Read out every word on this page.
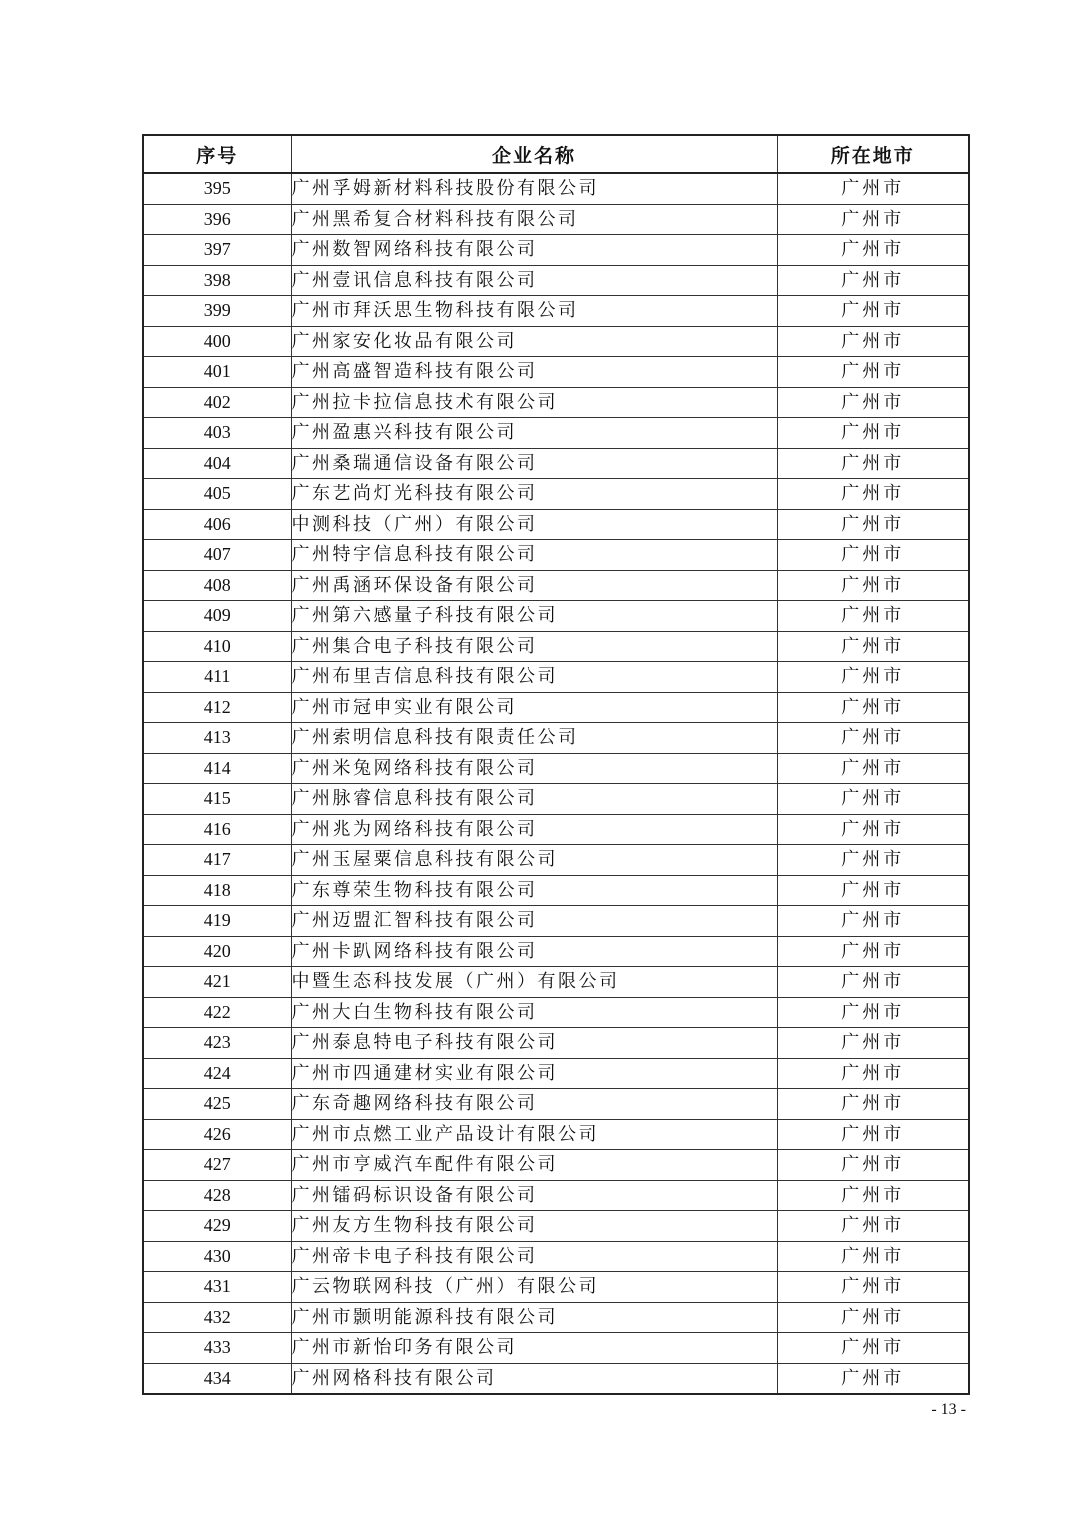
序号	企业名称	所在地市
395	广州孚姆新材料科技股份有限公司	广州市
396	广州黑希复合材料科技有限公司	广州市
397	广州数智网络科技有限公司	广州市
398	广州壹讯信息科技有限公司	广州市
399	广州市拜沃思生物科技有限公司	广州市
400	广州家安化妆品有限公司	广州市
401	广州高盛智造科技有限公司	广州市
402	广州拉卡拉信息技术有限公司	广州市
403	广州盈惠兴科技有限公司	广州市
404	广州桑瑞通信设备有限公司	广州市
405	广东艺尚灯光科技有限公司	广州市
406	中测科技（广州）有限公司	广州市
407	广州特宇信息科技有限公司	广州市
408	广州禹涵环保设备有限公司	广州市
409	广州第六感量子科技有限公司	广州市
410	广州集合电子科技有限公司	广州市
411	广州布里吉信息科技有限公司	广州市
412	广州市冠申实业有限公司	广州市
413	广州索明信息科技有限责任公司	广州市
414	广州米兔网络科技有限公司	广州市
415	广州脉睿信息科技有限公司	广州市
416	广州兆为网络科技有限公司	广州市
417	广州玉屋粟信息科技有限公司	广州市
418	广东尊荣生物科技有限公司	广州市
419	广州迈盟汇智科技有限公司	广州市
420	广州卡趴网络科技有限公司	广州市
421	中暨生态科技发展（广州）有限公司	广州市
422	广州大白生物科技有限公司	广州市
423	广州泰息特电子科技有限公司	广州市
424	广州市四通建材实业有限公司	广州市
425	广东奇趣网络科技有限公司	广州市
426	广州市点燃工业产品设计有限公司	广州市
427	广州市亨威汽车配件有限公司	广州市
428	广州镭码标识设备有限公司	广州市
429	广州友方生物科技有限公司	广州市
430	广州帝卡电子科技有限公司	广州市
431	广云物联网科技（广州）有限公司	广州市
432	广州市颢明能源科技有限公司	广州市
433	广州市新怡印务有限公司	广州市
434	广州网格科技有限公司	广州市
- 13 -
